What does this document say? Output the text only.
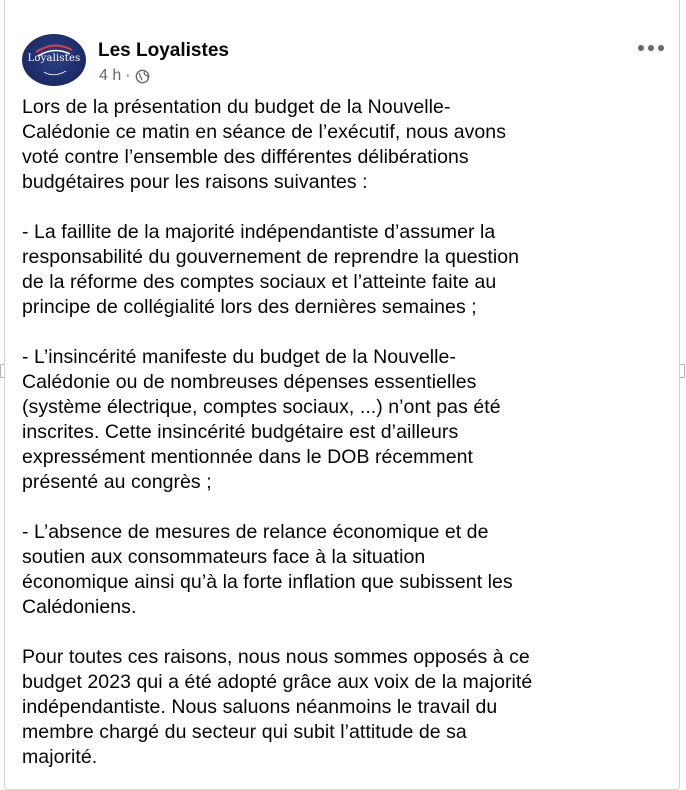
Loyalistes Les Loyalistes
4 h ·

Lors de la présentation du budget de la Nouvelle-
Calédonie ce matin en séance de l’exécutif, nous avons
voté contre l’ensemble des différentes délibérations
budgétaires pour les raisons suivantes :

- La faillite de la majorité indépendantiste d’assumer la
responsabilité du gouvernement de reprendre la question
de la réforme des comptes sociaux et l’atteinte faite au
principe de collégialité lors des dernières semaines ;

- L’insincérité manifeste du budget de la Nouvelle-
Calédonie ou de nombreuses dépenses essentielles
(système électrique, comptes sociaux, ...) n’ont pas été
inscrites. Cette insincérité budgétaire est d’ailleurs
expressément mentionnée dans le DOB récemment
présenté au congrès ;

- L’absence de mesures de relance économique et de
soutien aux consommateurs face à la situation
économique ainsi qu’à la forte inflation que subissent les
Calédoniens.

Pour toutes ces raisons, nous nous sommes opposés à ce
budget 2023 qui a été adopté grâce aux voix de la majorité
indépendantiste. Nous saluons néanmoins le travail du
membre chargé du secteur qui subit l’attitude de sa
majorité.
